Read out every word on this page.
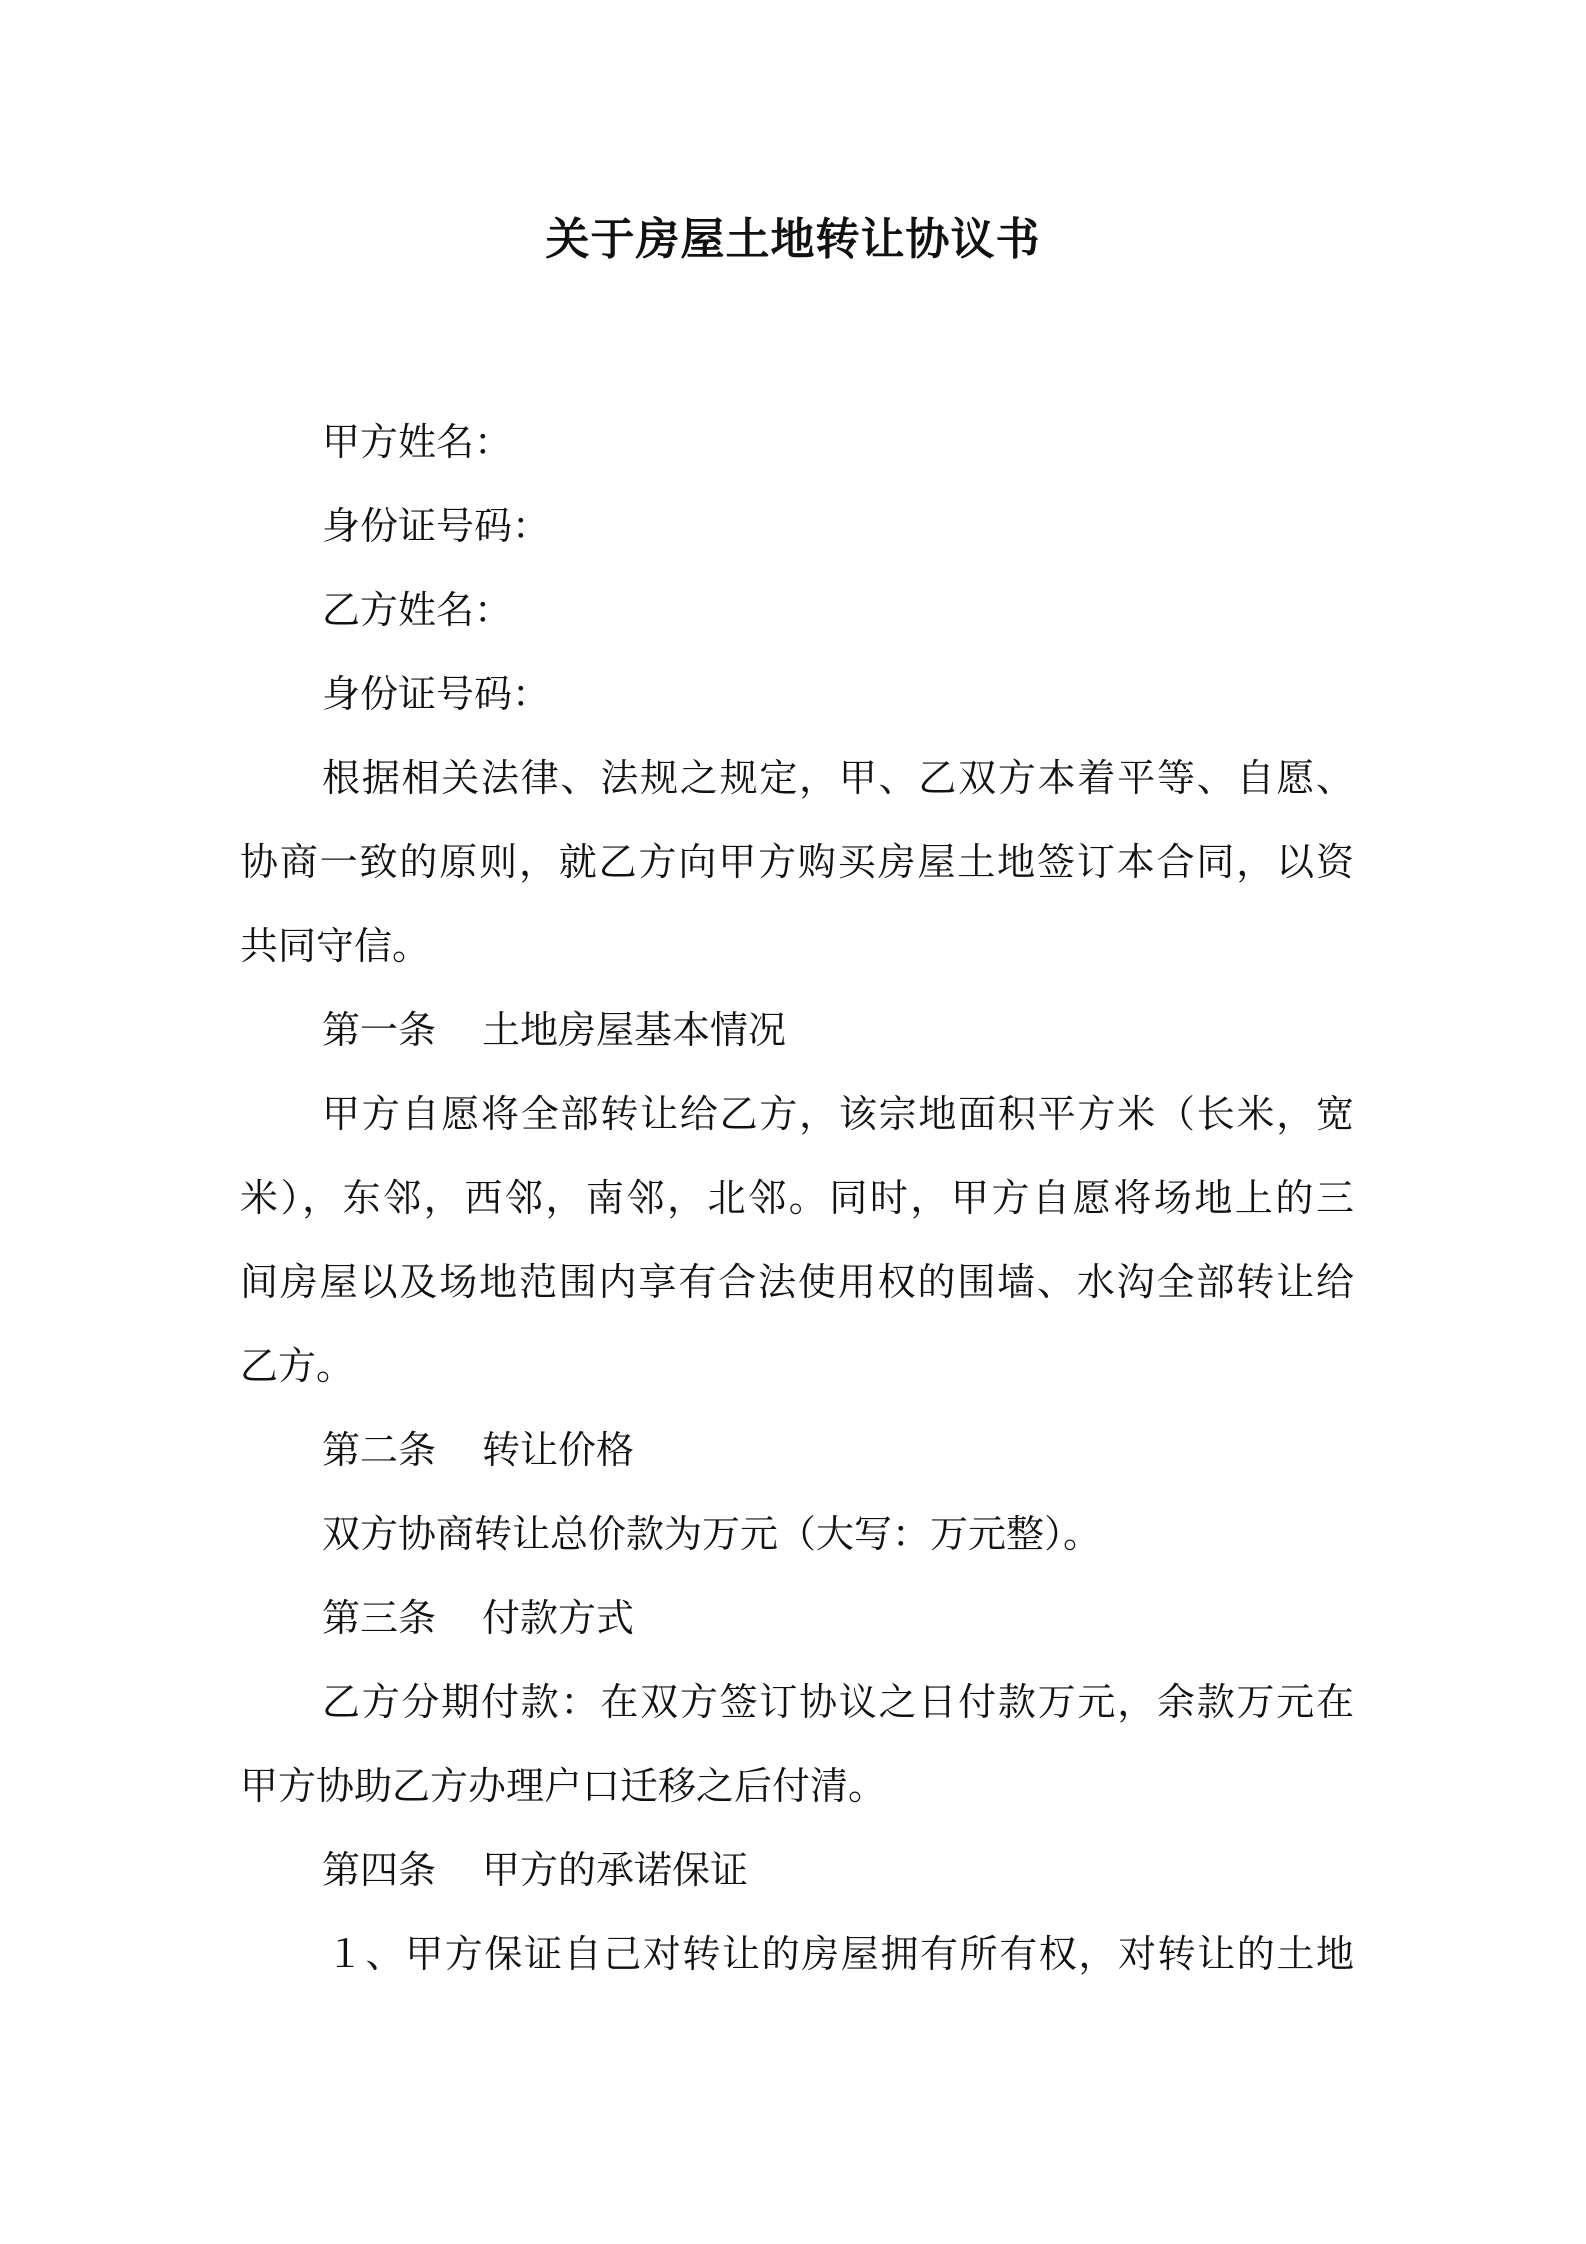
关于房屋土地转让协议书
甲方姓名：
身份证号码：
乙方姓名：
身份证号码：
根据相关法律、法规之规定，甲、乙双方本着平等、自愿、
协商一致的原则，就乙方向甲方购买房屋土地签订本合同，以资
共同守信。
第一条 土地房屋基本情况
甲方自愿将全部转让给乙方，该宗地面积平方米（长米，宽
米），东邻，西邻，南邻，北邻。同时，甲方自愿将场地上的三
间房屋以及场地范围内享有合法使用权的围墙、水沟全部转让给
乙方。
第二条 转让价格
双方协商转让总价款为万元（大写：万元整）。
第三条 付款方式
乙方分期付款：在双方签订协议之日付款万元，余款万元在
甲方协助乙方办理户口迁移之后付清。
第四条 甲方的承诺保证
１、甲方保证自己对转让的房屋拥有所有权，对转让的土地
